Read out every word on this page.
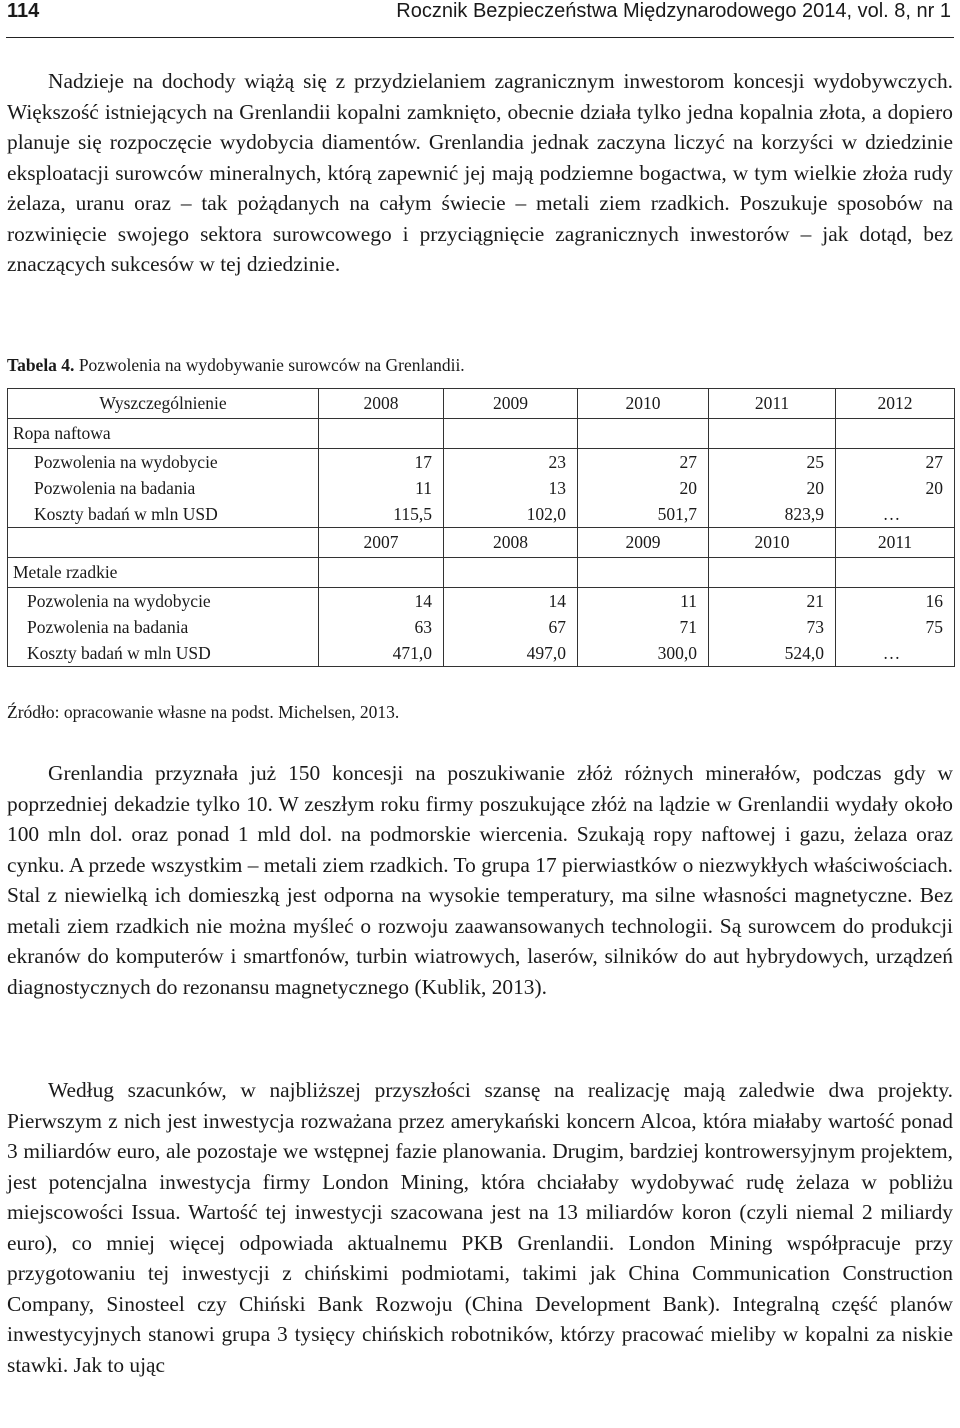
114	Rocznik Bezpieczeństwa Międzynarodowego 2014, vol. 8, nr 1

Nadzieje na dochody wiążą się z przydzielaniem zagranicznym inwestorom koncesji wydobywczych. Większość istniejących na Grenlandii kopalni zamknięto, obecnie działa tylko jedna kopalnia złota, a dopiero planuje się rozpoczęcie wydobycia diamentów. Grenlandia jednak zaczyna liczyć na korzyści w dziedzinie eksploatacji surowców mineralnych, którą zapewnić jej mają podziemne bogactwa, w tym wielkie złoża rudy żelaza, uranu oraz – tak pożądanych na całym świecie – metali ziem rzadkich. Poszukuje sposobów na rozwinięcie swojego sektora surowcowego i przyciągnięcie zagranicznych inwestorów – jak dotąd, bez znaczących sukcesów w tej dziedzinie.

Tabela 4. Pozwolenia na wydobywanie surowców na Grenlandii.
Wyszczególnienie	2008	2009	2010	2011	2012
Ropa naftowa					
Pozwolenia na wydobycie	17	23	27	25	27
Pozwolenia na badania	11	13	20	20	20
Koszty badań w mln USD	115,5	102,0	501,7	823,9	…
	2007	2008	2009	2010	2011
Metale rzadkie					
Pozwolenia na wydobycie	14	14	11	21	16
Pozwolenia na badania	63	67	71	73	75
Koszty badań w mln USD	471,0	497,0	300,0	524,0	…
Źródło: opracowanie własne na podst. Michelsen, 2013.

Grenlandia przyznała już 150 koncesji na poszukiwanie złóż różnych minerałów, podczas gdy w poprzedniej dekadzie tylko 10. W zeszłym roku firmy poszukujące złóż na lądzie w Grenlandii wydały około 100 mln dol. oraz ponad 1 mld dol. na podmorskie wiercenia. Szukają ropy naftowej i gazu, żelaza oraz cynku. A przede wszystkim – metali ziem rzadkich. To grupa 17 pierwiastków o niezwykłych właściwościach. Stal z niewielką ich domieszką jest odporna na wysokie temperatury, ma silne własności magnetyczne. Bez metali ziem rzadkich nie można myśleć o rozwoju zaawansowanych technologii. Są surowcem do produkcji ekranów do komputerów i smartfonów, turbin wiatrowych, laserów, silników do aut hybrydowych, urządzeń diagnostycznych do rezonansu magnetycznego (Kublik, 2013).

Według szacunków, w najbliższej przyszłości szansę na realizację mają zaledwie dwa projekty. Pierwszym z nich jest inwestycja rozważana przez amerykański koncern Alcoa, która miałaby wartość ponad 3 miliardów euro, ale pozostaje we wstępnej fazie planowania. Drugim, bardziej kontrowersyjnym projektem, jest potencjalna inwestycja firmy London Mining, która chciałaby wydobywać rudę żelaza w pobliżu miejscowości Issua. Wartość tej inwestycji szacowana jest na 13 miliardów koron (czyli niemal 2 miliardy euro), co mniej więcej odpowiada aktualnemu PKB Grenlandii. London Mining współpracuje przy przygotowaniu tej inwestycji z chińskimi podmiotami, takimi jak China Communication Construction Company, Sinosteel czy Chiński Bank Rozwoju (China Development Bank). Integralną część planów inwestycyjnych stanowi grupa 3 tysięcy chińskich robotników, którzy pracować mieliby w kopalni za niskie stawki. Jak to ując
